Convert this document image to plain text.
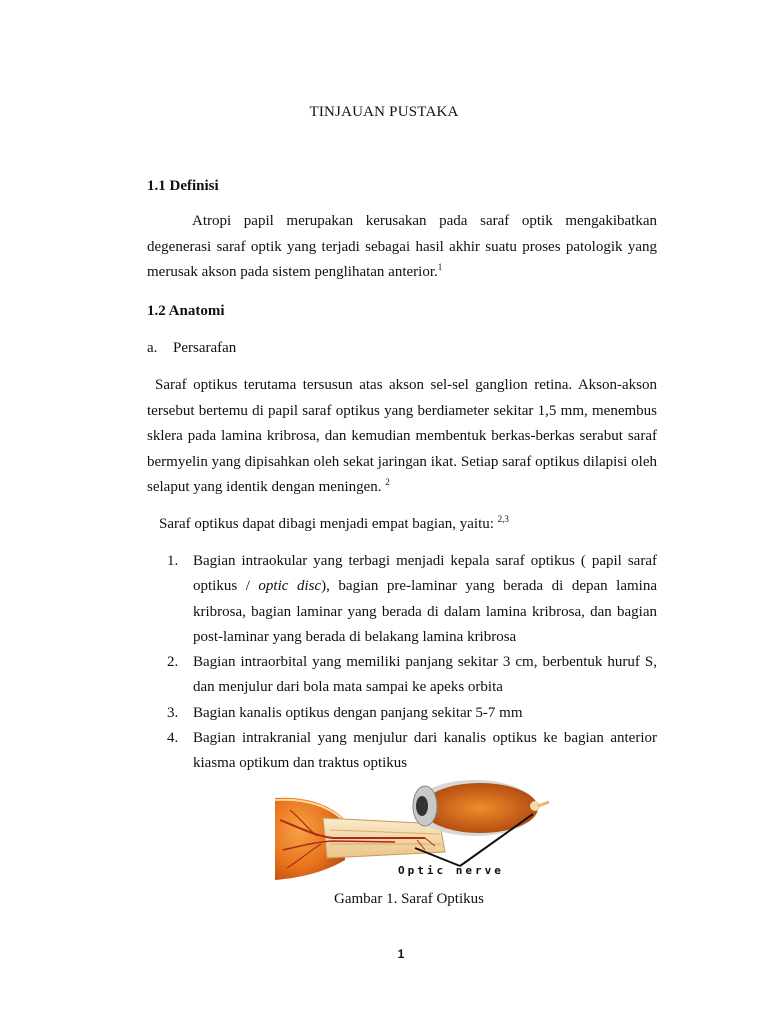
TINJAUAN PUSTAKA
1.1 Definisi

Atropi papil merupakan kerusakan pada saraf optik mengakibatkan degenerasi saraf optik yang terjadi sebagai hasil akhir suatu proses patologik yang merusak akson pada sistem penglihatan anterior.$^1$

1.2 Anatomi
a. Persarafan

Saraf optikus terutama tersusun atas akson sel-sel ganglion retina. Akson-akson tersebut bertemu di papil saraf optikus yang berdiameter sekitar 1,5 mm, menembus sklera pada lamina kribrosa, dan kemudian membentuk berkas-berkas serabut saraf bermyelin yang dipisahkan oleh sekat jaringan ikat. Setiap saraf optikus dilapisi oleh selaput yang identik dengan meningen. $^2$

Saraf optikus dapat dibagi menjadi empat bagian, yaitu: $^{2,3}$

1. Bagian intraokular yang terbagi menjadi kepala saraf optikus ( papil saraf optikus / optic disc), bagian pre-laminar yang berada di depan lamina kribrosa, bagian laminar yang berada di dalam lamina kribrosa, dan bagian post-laminar yang berada di belakang lamina kribrosa
2. Bagian intraorbital yang memiliki panjang sekitar 3 cm, berbentuk huruf S, dan menjulur dari bola mata sampai ke apeks orbita
3. Bagian kanalis optikus dengan panjang sekitar 5-7 mm
4. Bagian intrakranial yang menjulur dari kanalis optikus ke bagian anterior kiasma optikum dan traktus optikus
Optic nerve
Gambar 1. Saraf Optikus
1
